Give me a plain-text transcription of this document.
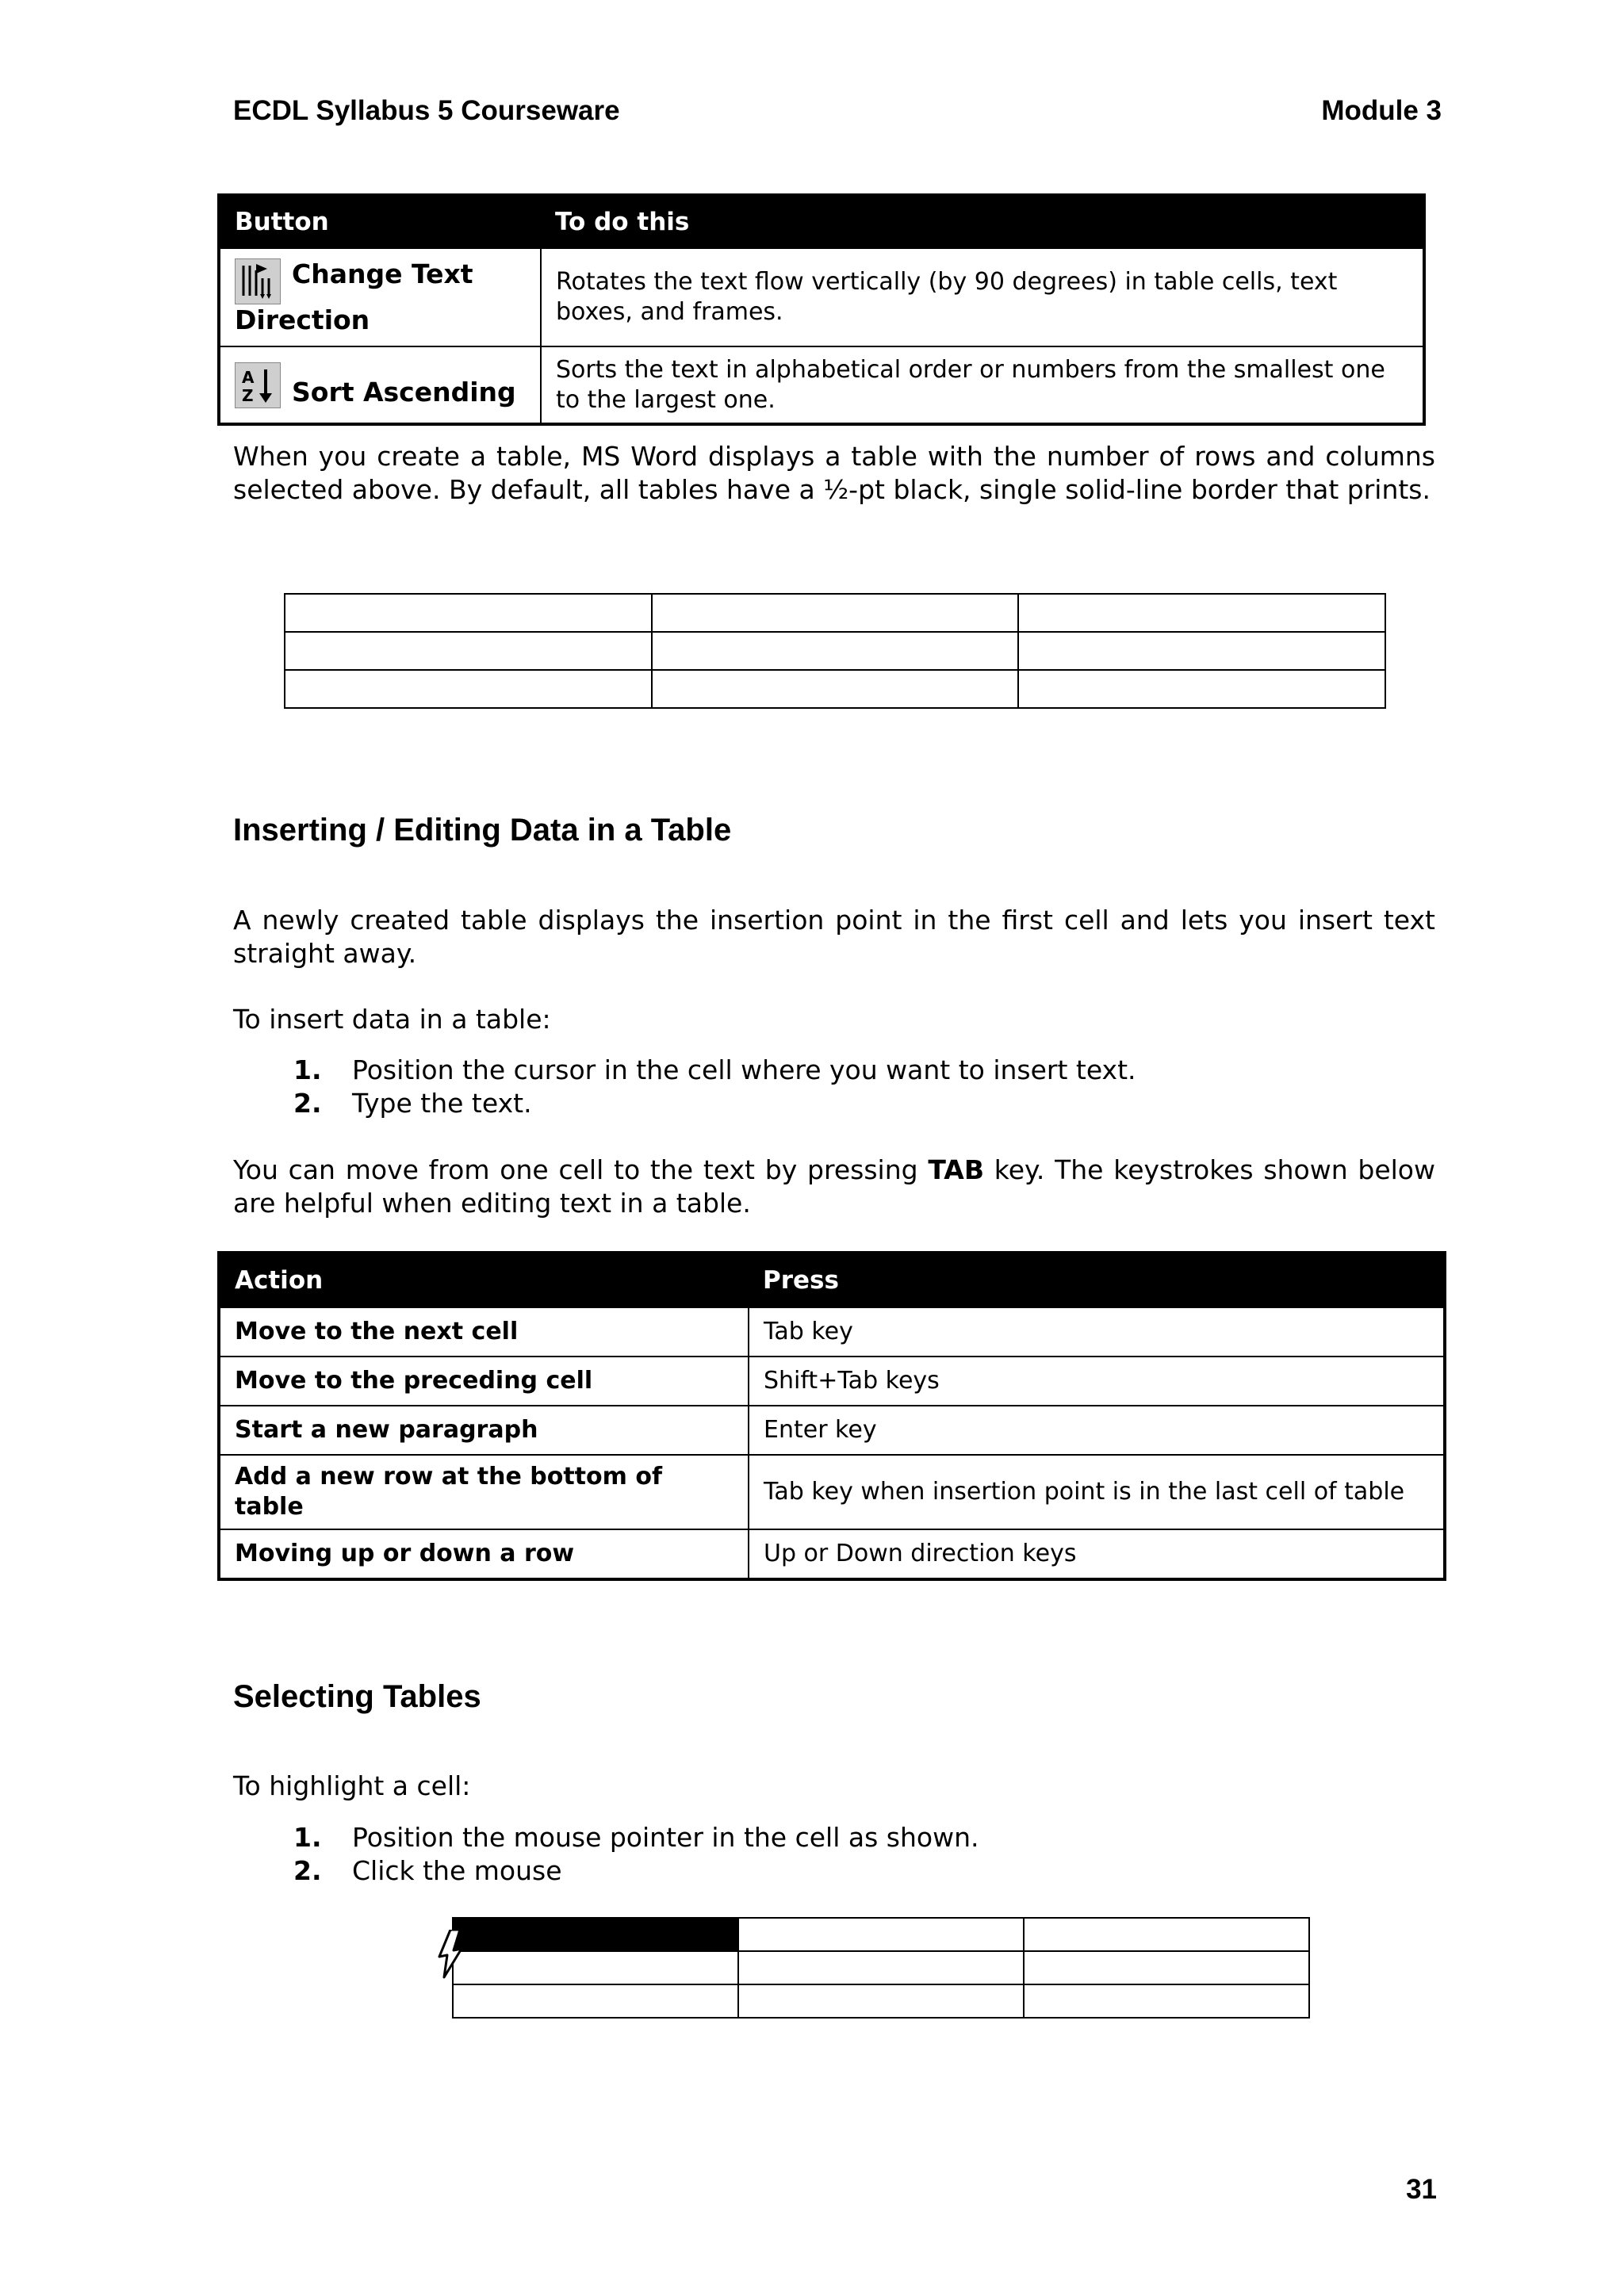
ECDL Syllabus 5 Courseware	Module 3
Button	To do this

Change Text
Direction	Rotates the text flow vertically (by 90 degrees) in table cells, text boxes, and frames.

A
Z Sort Ascending	Sorts the text in alphabetical order or numbers from the smallest one to the largest one.

When you create a table, MS Word displays a table with the number of rows and columns selected above. By default, all tables have a ½-pt black, single solid-line border that prints.

Inserting / Editing Data in a Table

A newly created table displays the insertion point in the first cell and lets you insert text straight away.

To insert data in a table:

1.	Position the cursor in the cell where you want to insert text.
2.	Type the text.

You can move from one cell to the text by pressing TAB key. The keystrokes shown below are helpful when editing text in a table.

Action	Press
Move to the next cell	Tab key
Move to the preceding cell	Shift+Tab keys
Start a new paragraph	Enter key
Add a new row at the bottom of table	Tab key when insertion point is in the last cell of table
Moving up or down a row	Up or Down direction keys
Selecting Tables

To highlight a cell:

1.	Position the mouse pointer in the cell as shown.
2.	Click the mouse

31
